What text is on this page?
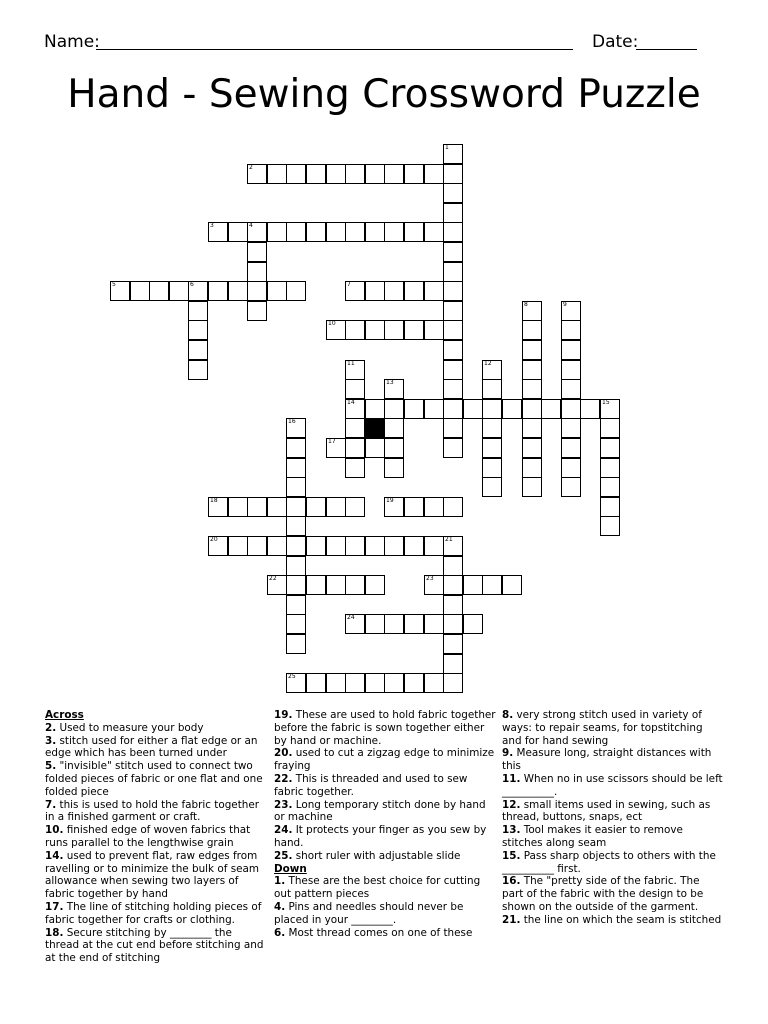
Name:	Date:
Hand - Sewing Crossword Puzzle
2
3	4
5	6	7
10
14	15
17
18	19
20	21
22	23
24
25
1
8	9
11	12
13
16
Across
2. Used to measure your body
3. stitch used for either a flat edge or an edge which has been turned under
5. "invisible" stitch used to connect two folded pieces of fabric or one flat and one folded piece
7. this is used to hold the fabric together in a finished garment or craft.
10. finished edge of woven fabrics that runs parallel to the lengthwise grain
14. used to prevent flat, raw edges from ravelling or to minimize the bulk of seam allowance when sewing two layers of fabric together by hand
17. The line of stitching holding pieces of fabric together for crafts or clothing.
18. Secure stitching by ________ the thread at the cut end before stitching and at the end of stitching
19. These are used to hold fabric together before the fabric is sown together either by hand or machine.
20. used to cut a zigzag edge to minimize fraying
22. This is threaded and used to sew fabric together.
23. Long temporary stitch done by hand or machine
24. It protects your finger as you sew by hand.
25. short ruler with adjustable slide
Down
1. These are the best choice for cutting out pattern pieces
4. Pins and needles should never be placed in your ________.
6. Most thread comes on one of these
8. very strong stitch used in variety of ways: to repair seams, for topstitching and for hand sewing
9. Measure long, straight distances with this
11. When no in use scissors should be left __________.
12. small items used in sewing, such as thread, buttons, snaps, ect
13. Tool makes it easier to remove stitches along seam
15. Pass sharp objects to others with the __________ first.
16. The "pretty side of the fabric. The part of the fabric with the design to be shown on the outside of the garment.
21. the line on which the seam is stitched
